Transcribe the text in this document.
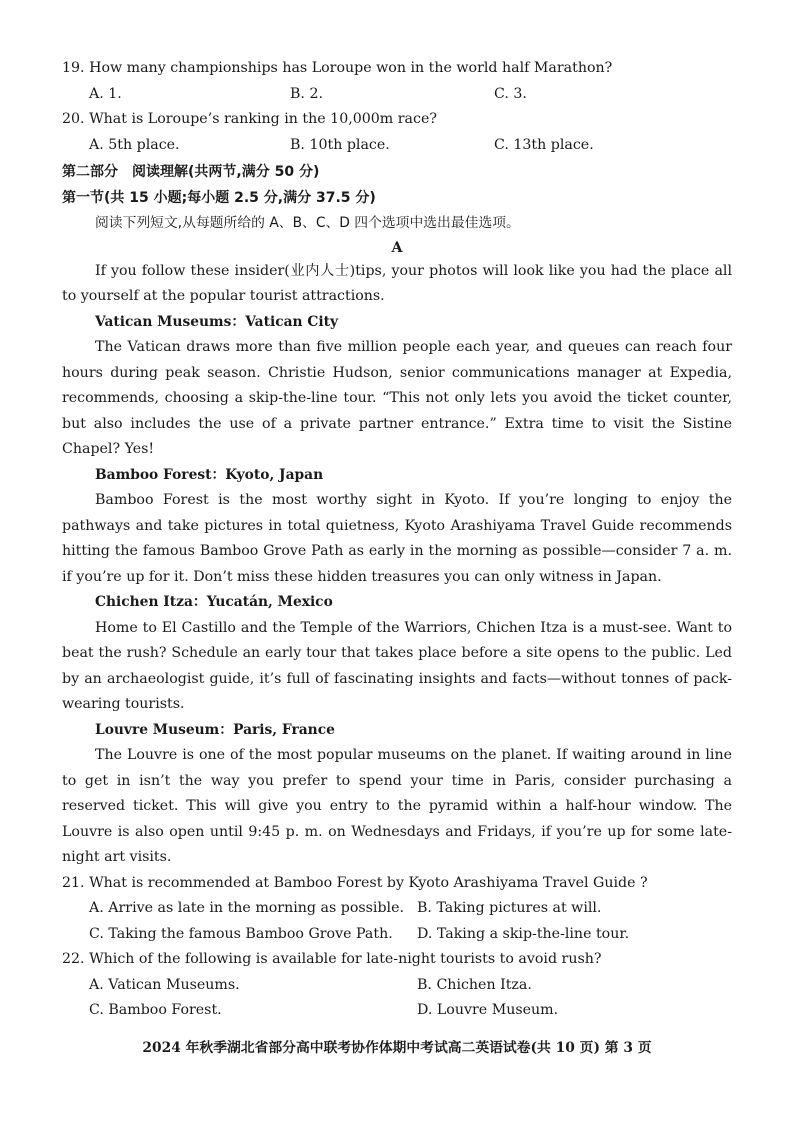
19. How many championships has Loroupe won in the world half Marathon?

A. 1.	B. 2.	C. 3.

20. What is Loroupe’s ranking in the 10,000m race?

A. 5th place.	B. 10th place.	C. 13th place.

第二部分　阅读理解(共两节,满分 50 分)

第一节(共 15 小题;每小题 2.5 分,满分 37.5 分)

阅读下列短文,从每题所给的 A、B、C、D 四个选项中选出最佳选项。

A

If you follow these insider(业内人士)tips, your photos will look like you had the place all to yourself at the popular tourist attractions.

Vatican Museums：Vatican City

The Vatican draws more than five million people each year, and queues can reach four hours during peak season. Christie Hudson, senior communications manager at Expedia, recommends, choosing a skip-the-line tour. “This not only lets you avoid the ticket counter, but also includes the use of a private partner entrance.” Extra time to visit the Sistine Chapel? Yes!

Bamboo Forest：Kyoto, Japan

Bamboo Forest is the most worthy sight in Kyoto. If you’re longing to enjoy the pathways and take pictures in total quietness, Kyoto Arashiyama Travel Guide recommends hitting the famous Bamboo Grove Path as early in the morning as possible—consider 7 a. m. if you’re up for it. Don’t miss these hidden treasures you can only witness in Japan.

Chichen Itza：Yucatán, Mexico

Home to El Castillo and the Temple of the Warriors, Chichen Itza is a must-see. Want to beat the rush? Schedule an early tour that takes place before a site opens to the public. Led by an archaeologist guide, it’s full of fascinating insights and facts—without tonnes of pack-wearing tourists.

Louvre Museum：Paris, France

The Louvre is one of the most popular museums on the planet. If waiting around in line to get in isn’t the way you prefer to spend your time in Paris, consider purchasing a reserved ticket. This will give you entry to the pyramid within a half-hour window. The Louvre is also open until 9:45 p. m. on Wednesdays and Fridays, if you’re up for some late-night art visits.

21. What is recommended at Bamboo Forest by Kyoto Arashiyama Travel Guide ?

A. Arrive as late in the morning as possible. B. Taking pictures at will.
C. Taking the famous Bamboo Grove Path.	D. Taking a skip-the-line tour.

22. Which of the following is available for late-night tourists to avoid rush?

A. Vatican Museums.	B. Chichen Itza.
C. Bamboo Forest.	D. Louvre Museum.
2024 年秋季湖北省部分高中联考协作体期中考试高二英语试卷(共 10 页) 第 3 页
